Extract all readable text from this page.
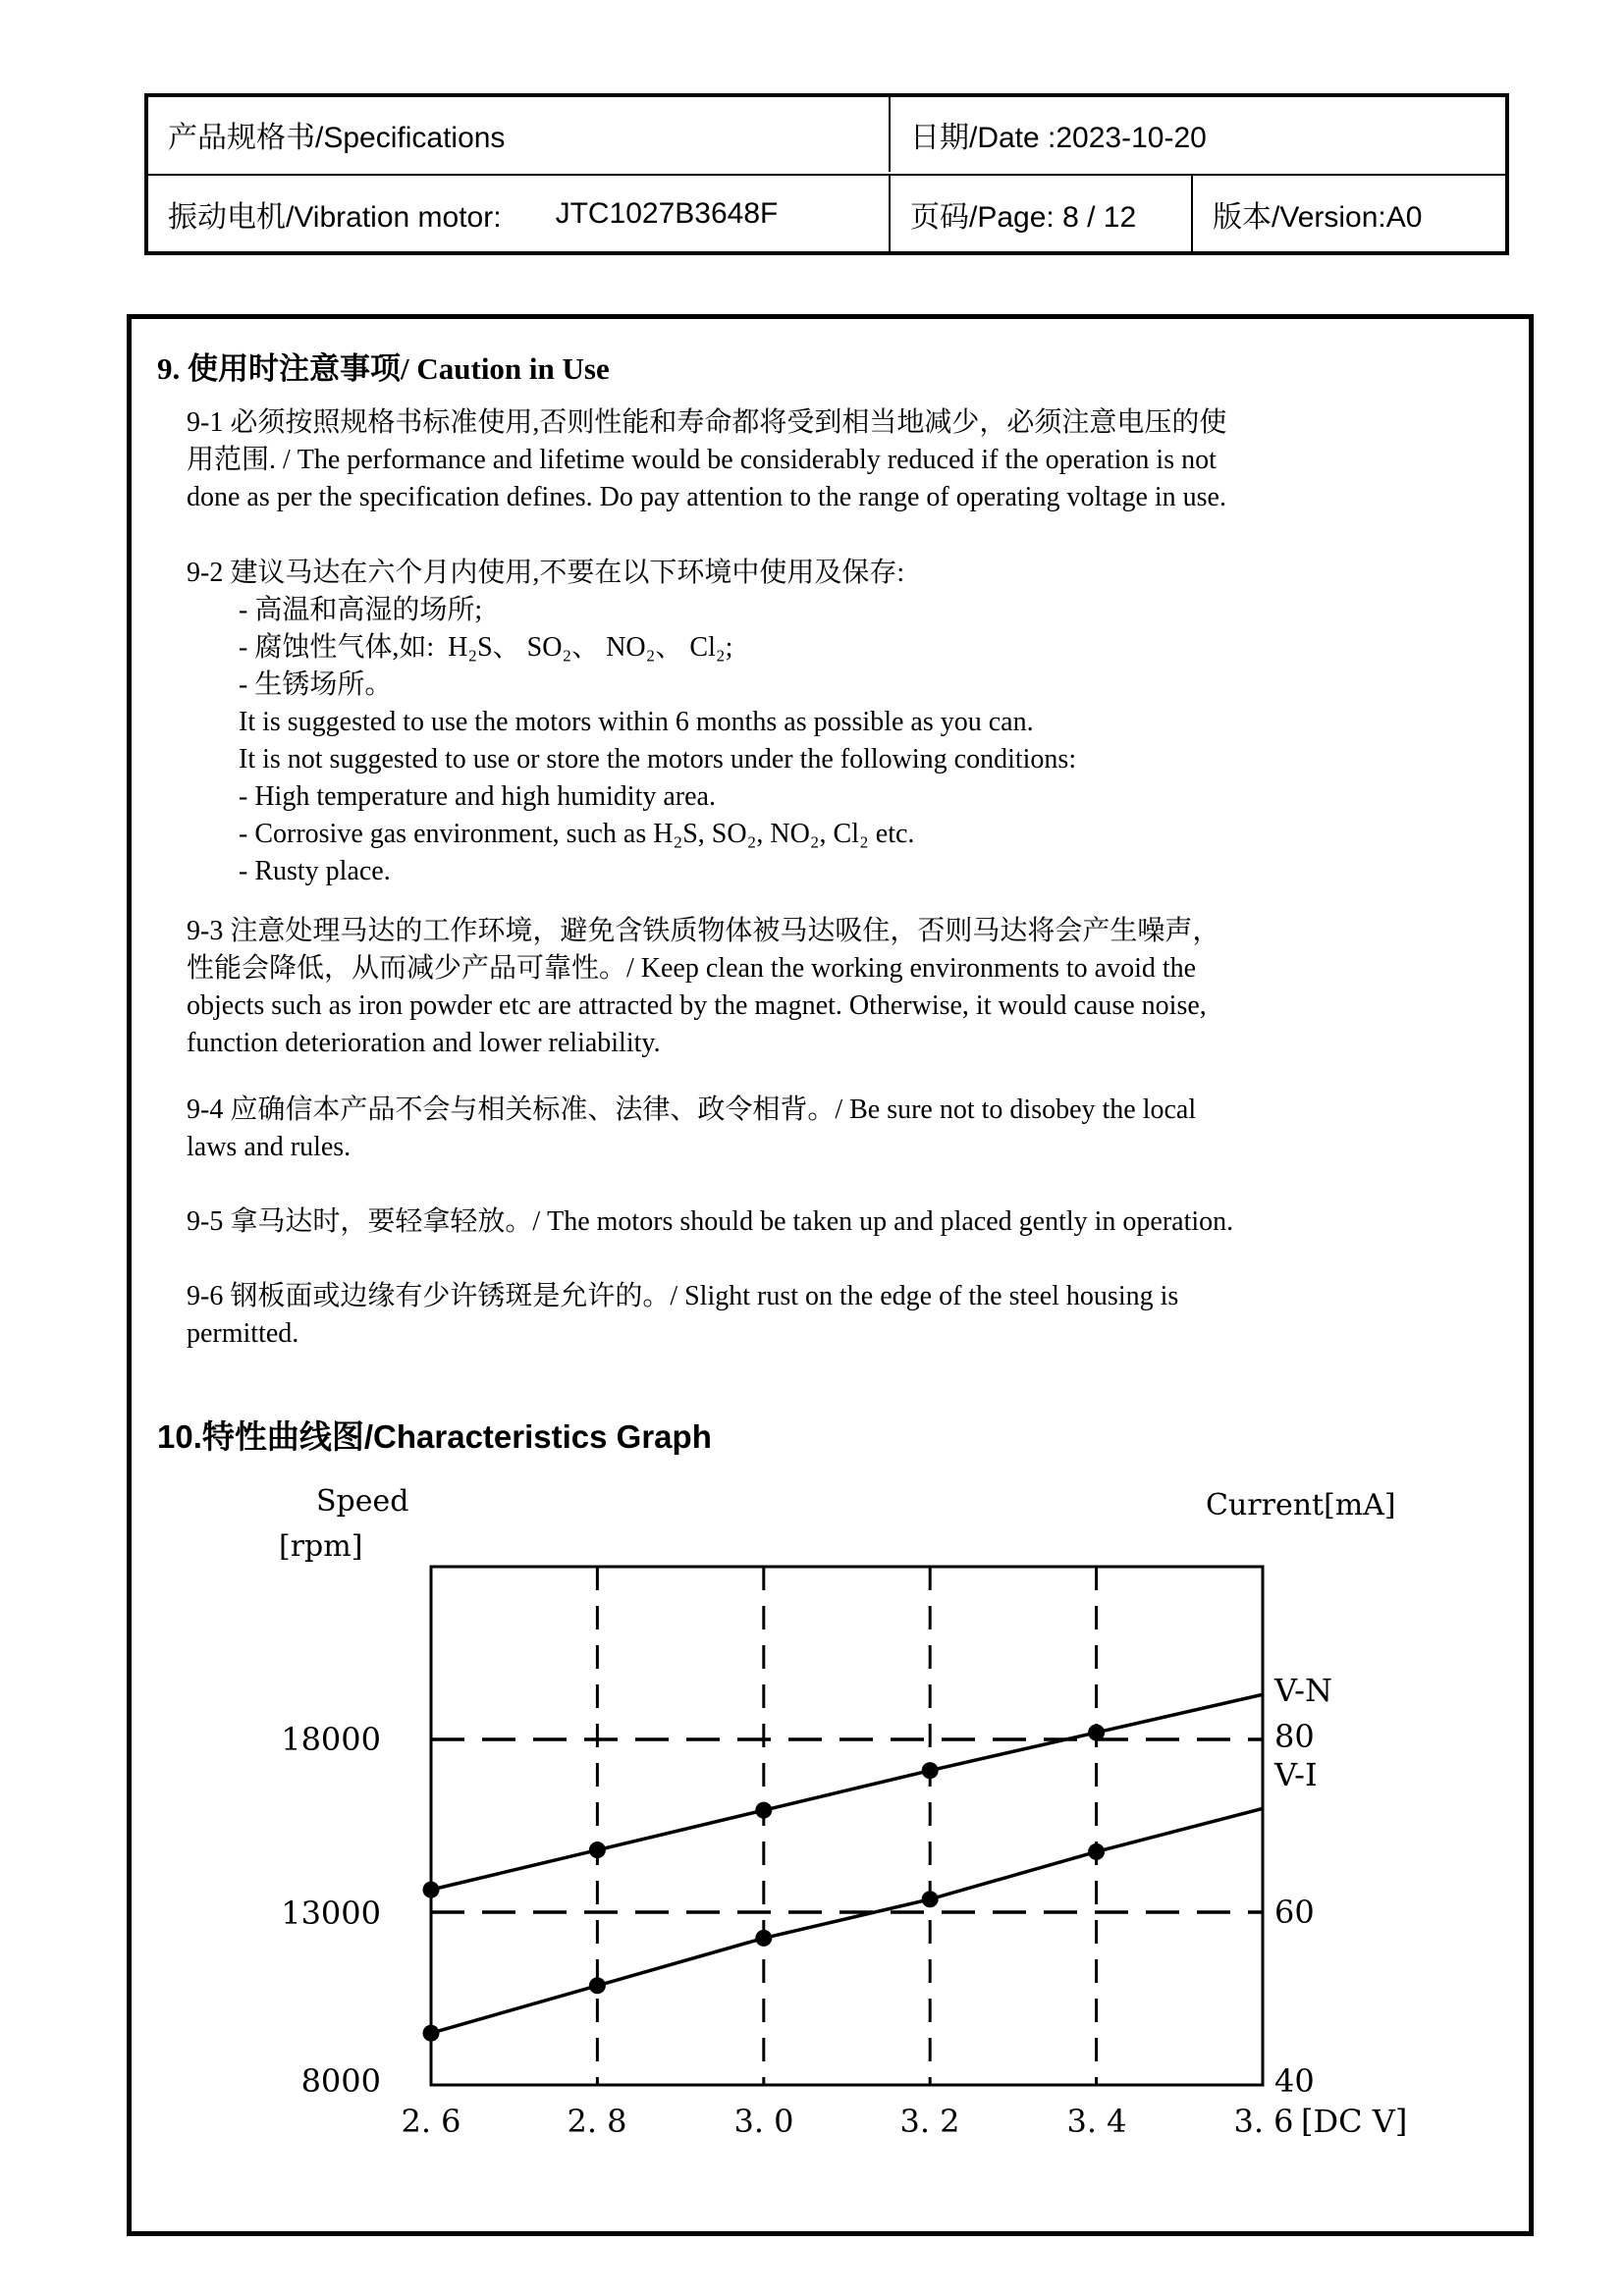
产品规格书/Specifications	日期/Date :2023-10-20
振动电机/Vibration motor: JTC1027B3648F	页码/Page: 8 / 12	版本/Version:A0
9. 使用时注意事项/ Caution in Use
9-1 必须按照规格书标准使用,否则性能和寿命都将受到相当地减少，必须注意电压的使
用范围. / The performance and lifetime would be considerably reduced if the operation is not
done as per the specification defines. Do pay attention to the range of operating voltage in use.
9-2 建议马达在六个月内使用,不要在以下环境中使用及保存:
- 高温和高湿的场所;
- 腐蚀性气体,如:  H₂S、 SO₂、 NO₂、 Cl₂;
- 生锈场所。
It is suggested to use the motors within 6 months as possible as you can.
It is not suggested to use or store the motors under the following conditions:
- High temperature and high humidity area.
- Corrosive gas environment, such as H₂S, SO₂, NO₂, Cl₂ etc.
- Rusty place.
9-3 注意处理马达的工作环境，避免含铁质物体被马达吸住，否则马达将会产生噪声，
性能会降低，从而减少产品可靠性。/ Keep clean the working environments to avoid the
objects such as iron powder etc are attracted by the magnet. Otherwise, it would cause noise,
function deterioration and lower reliability.
9-4 应确信本产品不会与相关标准、法律、政令相背。/ Be sure not to disobey the local
laws and rules.
9-5 拿马达时，要轻拿轻放。/ The motors should be taken up and placed gently in operation.
9-6 钢板面或边缘有少许锈斑是允许的。/ Slight rust on the edge of the steel housing is
permitted.
10.特性曲线图/Characteristics Graph
Speed
[rpm]
Current[mA]
18000
13000
8000
V-N
80
V-I
60
40
2. 6	2. 8	3. 0	3. 2	3. 4	3. 6 [DC V]
